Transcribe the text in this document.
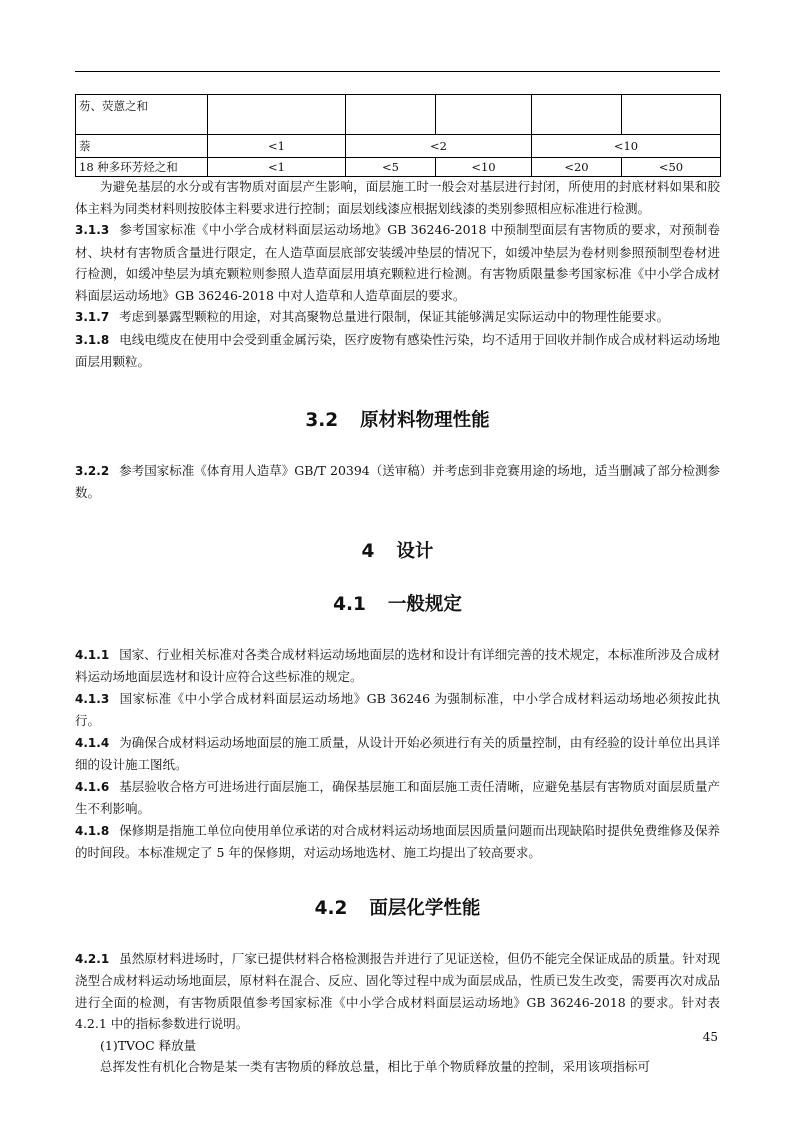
芴、荧蒽之和					
萘	<1	<2		<10	
18 种多环芳烃之和	<1	<5	<10	<20	<50

为避免基层的水分或有害物质对面层产生影响，面层施工时一般会对基层进行封闭，所使用的封底材料如果和胶体主料为同类材料则按胶体主料要求进行控制；面层划线漆应根据划线漆的类别参照相应标准进行检测。

3.1.3 参考国家标准《中小学合成材料面层运动场地》GB 36246-2018 中预制型面层有害物质的要求，对预制卷材、块材有害物质含量进行限定，在人造草面层底部安装缓冲垫层的情况下，如缓冲垫层为卷材则参照预制型卷材进行检测，如缓冲垫层为填充颗粒则参照人造草面层用填充颗粒进行检测。有害物质限量参考国家标准《中小学合成材料面层运动场地》GB 36246-2018 中对人造草和人造草面层的要求。

3.1.7 考虑到暴露型颗粒的用途，对其高聚物总量进行限制，保证其能够满足实际运动中的物理性能要求。

3.1.8 电线电缆皮在使用中会受到重金属污染，医疗废物有感染性污染，均不适用于回收并制作成合成材料运动场地面层用颗粒。

3.2 原材料物理性能

3.2.2 参考国家标准《体育用人造草》GB/T 20394（送审稿）并考虑到非竞赛用途的场地，适当删减了部分检测参数。

4 设计
4.1 一般规定

4.1.1 国家、行业相关标准对各类合成材料运动场地面层的选材和设计有详细完善的技术规定，本标准所涉及合成材料运动场地面层选材和设计应符合这些标准的规定。

4.1.3 国家标准《中小学合成材料面层运动场地》GB 36246 为强制标准，中小学合成材料运动场地必须按此执行。

4.1.4 为确保合成材料运动场地面层的施工质量，从设计开始必须进行有关的质量控制，由有经验的设计单位出具详细的设计施工图纸。

4.1.6 基层验收合格方可进场进行面层施工，确保基层施工和面层施工责任清晰，应避免基层有害物质对面层质量产生不利影响。

4.1.8 保修期是指施工单位向使用单位承诺的对合成材料运动场地面层因质量问题而出现缺陷时提供免费维修及保养的时间段。本标准规定了 5 年的保修期，对运动场地选材、施工均提出了较高要求。

4.2 面层化学性能

4.2.1 虽然原材料进场时，厂家已提供材料合格检测报告并进行了见证送检，但仍不能完全保证成品的质量。针对现浇型合成材料运动场地面层，原材料在混合、反应、固化等过程中成为面层成品，性质已发生改变，需要再次对成品进行全面的检测，有害物质限值参考国家标准《中小学合成材料面层运动场地》GB 36246-2018 的要求。针对表 4.2.1 中的指标参数进行说明。

(1)TVOC 释放量

总挥发性有机化合物是某一类有害物质的释放总量，相比于单个物质释放量的控制，采用该项指标可

45
